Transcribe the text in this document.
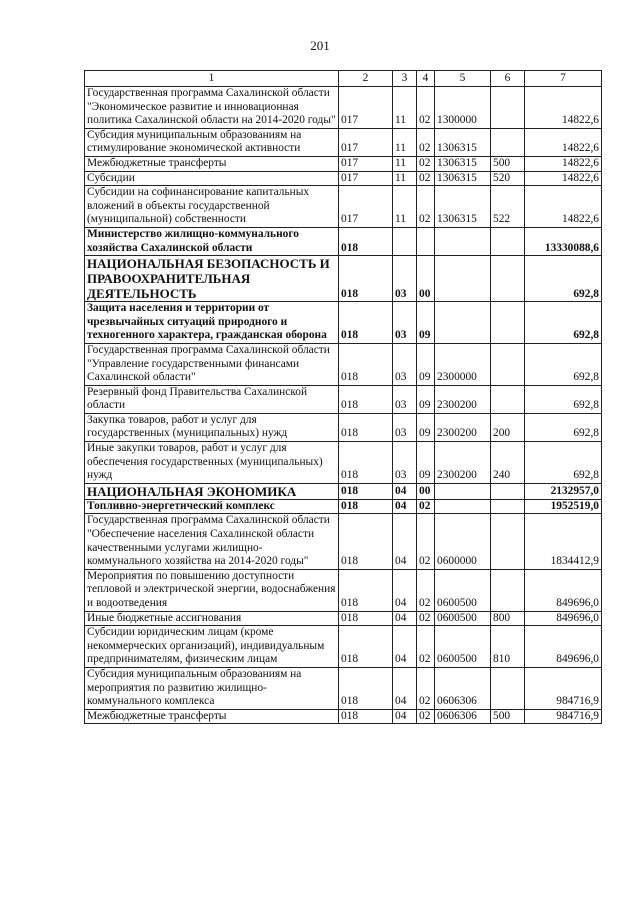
201
1	2	3	4	5	6	7
Государственная программа Сахалинской области "Экономическое развитие и инновационная политика Сахалинской области на 2014-2020 годы"	017	11	02	1300000		14822,6
Субсидия муниципальным образованиям на стимулирование экономической активности	017	11	02	1306315		14822,6
Межбюджетные трансферты	017	11	02	1306315	500	14822,6
Субсидии	017	11	02	1306315	520	14822,6
Субсидии на софинансирование капитальных вложений в объекты государственной (муниципальной) собственности	017	11	02	1306315	522	14822,6
Министерство жилищно-коммунального хозяйства Сахалинской области	018					13330088,6
НАЦИОНАЛЬНАЯ БЕЗОПАСНОСТЬ И ПРАВООХРАНИТЕЛЬНАЯ ДЕЯТЕЛЬНОСТЬ	018	03	00			692,8
Защита населения и территории от чрезвычайных ситуаций природного и техногенного характера, гражданская оборона	018	03	09			692,8
Государственная программа Сахалинской области "Управление государственными финансами Сахалинской области"	018	03	09	2300000		692,8
Резервный фонд Правительства Сахалинской области	018	03	09	2300200		692,8
Закупка товаров, работ и услуг для государственных (муниципальных) нужд	018	03	09	2300200	200	692,8
Иные закупки товаров, работ и услуг для обеспечения государственных (муниципальных) нужд	018	03	09	2300200	240	692,8
НАЦИОНАЛЬНАЯ ЭКОНОМИКА	018	04	00			2132957,0
Топливно-энергетический комплекс	018	04	02			1952519,0
Государственная программа Сахалинской области "Обеспечение населения Сахалинской области качественными услугами жилищно-коммунального хозяйства на 2014-2020 годы"	018	04	02	0600000		1834412,9
Мероприятия по повышению доступности тепловой и электрической энергии, водоснабжения и водоотведения	018	04	02	0600500		849696,0
Иные бюджетные ассигнования	018	04	02	0600500	800	849696,0
Субсидии юридическим лицам (кроме некоммерческих организаций), индивидуальным предпринимателям, физическим лицам	018	04	02	0600500	810	849696,0
Субсидия муниципальным образованиям на мероприятия по развитию жилищно-коммунального комплекса	018	04	02	0606306		984716,9
Межбюджетные трансферты	018	04	02	0606306	500	984716,9
